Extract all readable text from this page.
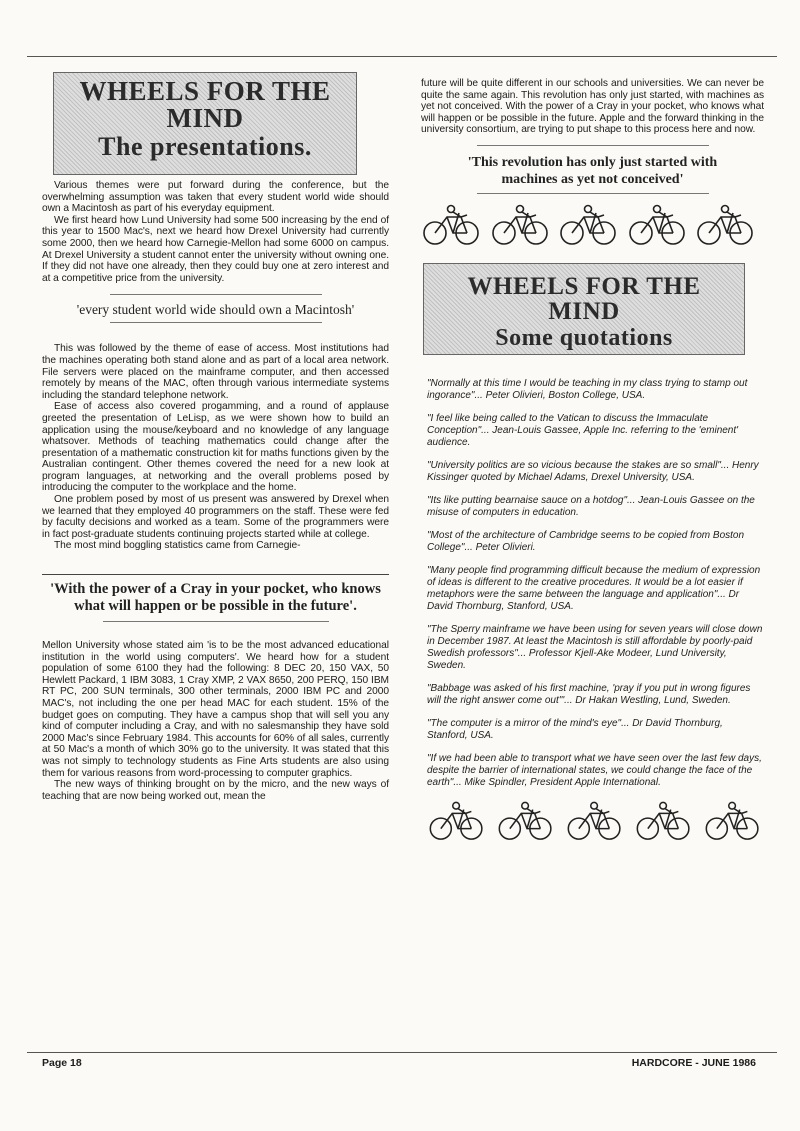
WHEELS FOR THE
MIND
The presentations.

Various themes were put forward during the conference, but the overwhelming assumption was taken that every student world wide should own a Macintosh as part of his everyday equipment.

We first heard how Lund University had some 500 increasing by the end of this year to 1500 Mac's, next we heard how Drexel University had currently some 2000, then we heard how Carnegie-Mellon had some 6000 on campus. At Drexel University a student cannot enter the university without owning one. If they did not have one already, then they could buy one at zero interest and at a competitive price from the university.

'every student world wide should own a Macintosh'

This was followed by the theme of ease of access. Most institutions had the machines operating both stand alone and as part of a local area network. File servers were placed on the mainframe computer, and then accessed remotely by means of the MAC, often through various intermediate systems including the standard telephone network.

Ease of access also covered progamming, and a round of applause greeted the presentation of LeLisp, as we were shown how to build an application using the mouse/keyboard and no knowledge of any language whatsover. Methods of teaching mathematics could change after the presentation of a mathematic construction kit for maths functions given by the Australian contingent. Other themes covered the need for a new look at program languages, at networking and the overall problems posed by introducing the computer to the workplace and the home.

One problem posed by most of us present was answered by Drexel when we learned that they employed 40 programmers on the staff. These were fed by faculty decisions and worked as a team. Some of the programmers were in fact post-graduate students continuing projects started while at college.

The most mind boggling statistics came from Carnegie-

'With the power of a Cray in your pocket, who knows what will happen or be possible in the future'.

Mellon University whose stated aim 'is to be the most advanced educational institution in the world using computers'. We heard how for a student population of some 6100 they had the following: 8 DEC 20, 150 VAX, 50 Hewlett Packard, 1 IBM 3083, 1 Cray XMP, 2 VAX 8650, 200 PERQ, 150 IBM RT PC, 200 SUN terminals, 300 other terminals, 2000 IBM PC and 2000 MAC's, not including the one per head MAC for each student. 15% of the budget goes on computing. They have a campus shop that will sell you any kind of computer including a Cray, and with no salesmanship they have sold 2000 Mac's since February 1984. This accounts for 60% of all sales, currently at 50 Mac's a month of which 30% go to the university. It was stated that this was not simply to technology students as Fine Arts students are also using them for various reasons from word-processing to computer graphics.

The new ways of thinking brought on by the micro, and the new ways of teaching that are now being worked out, mean the

future will be quite different in our schools and universities. We can never be quite the same again. This revolution has only just started, with machines as yet not conceived. With the power of a Cray in your pocket, who knows what will happen or be possible in the future. Apple and the forward thinking in the university consortium, are trying to put shape to this process here and now.

'This revolution has only just started with machines as yet not conceived'

WHEELS FOR THE
MIND
Some quotations

"Normally at this time I would be teaching in my class trying to stamp out ingorance"... Peter Olivieri, Boston College, USA.

"I feel like being called to the Vatican to discuss the Immaculate Conception"... Jean-Louis Gassee, Apple Inc. referring to the 'eminent' audience.

"University politics are so vicious because the stakes are so small"... Henry Kissinger quoted by Michael Adams, Drexel University, USA.

"Its like putting bearnaise sauce on a hotdog"... Jean-Louis Gassee on the misuse of computers in education.

"Most of the architecture of Cambridge seems to be copied from Boston College"... Peter Olivieri.

"Many people find programming difficult because the medium of expression of ideas is different to the creative procedures. It would be a lot easier if metaphors were the same between the language and application"... Dr David Thornburg, Stanford, USA.

"The Sperry mainframe we have been using for seven years will close down in December 1987. At least the Macintosh is still affordable by poorly-paid Swedish professors"... Professor Kjell-Ake Modeer, Lund University, Sweden.

"Babbage was asked of his first machine, 'pray if you put in wrong figures will the right answer come out'"... Dr Hakan Westling, Lund, Sweden.

"The computer is a mirror of the mind's eye"... Dr David Thornburg, Stanford, USA.

"If we had been able to transport what we have seen over the last few days, despite the barrier of international states, we could change the face of the earth"... Mike Spindler, President Apple International.

Page 18	HARDCORE - JUNE 1986
